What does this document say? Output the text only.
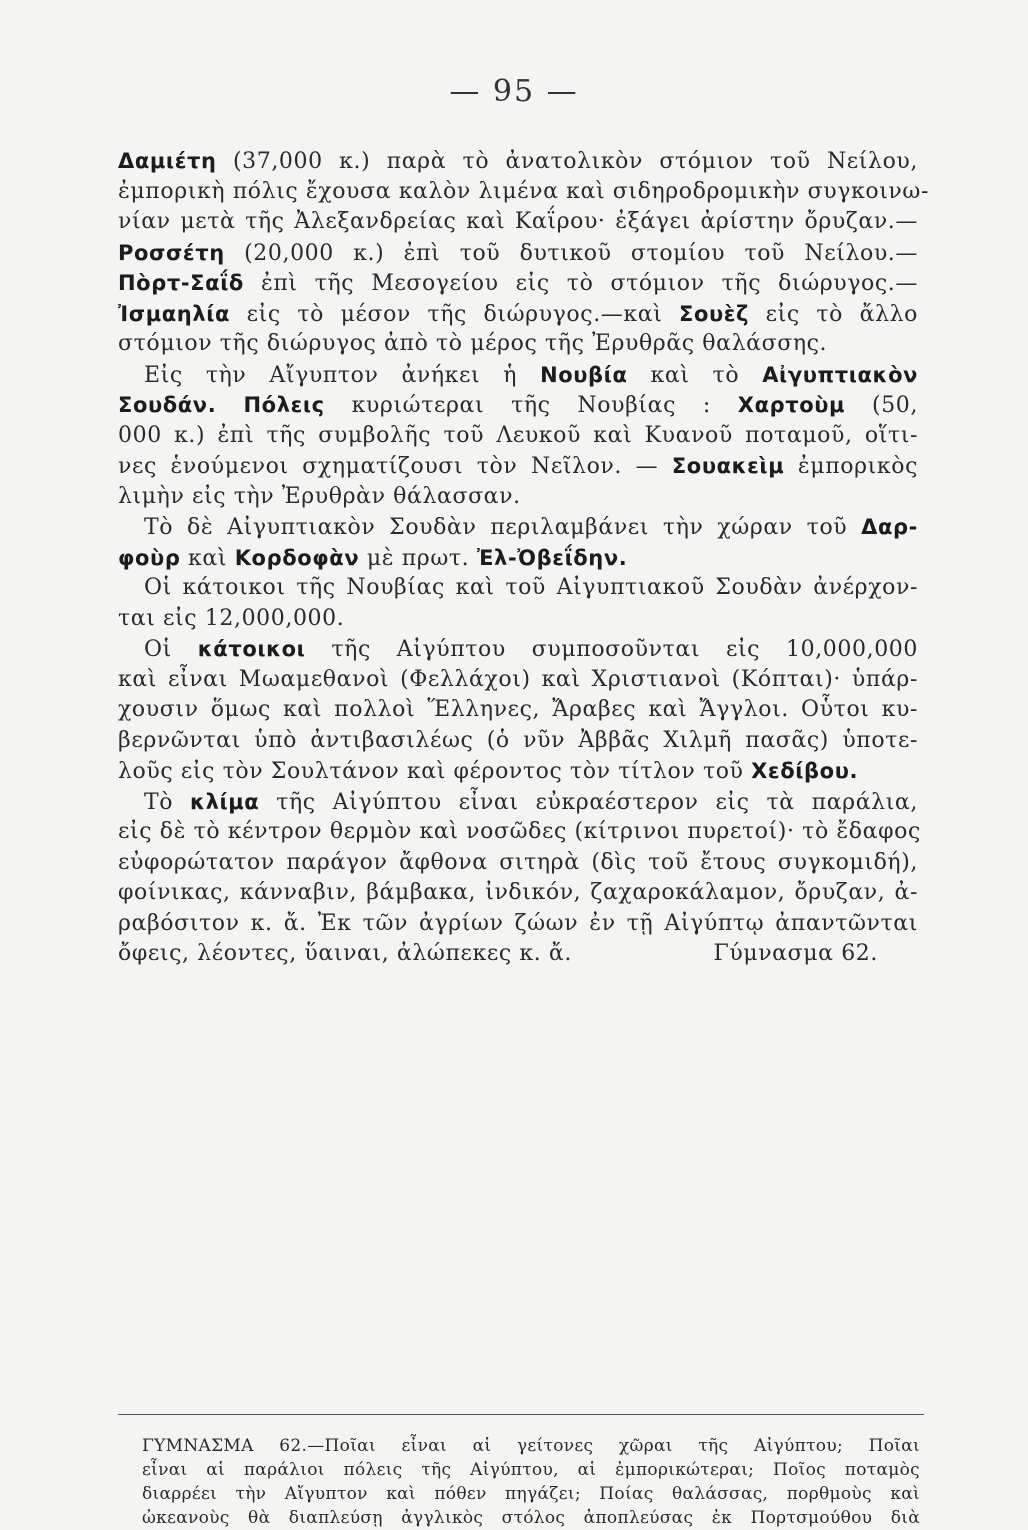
— 95 —
Δαμιέτη (37,000 κ.) παρὰ τὸ ἀνατολικὸν στόμιον τοῦ Νείλου,
ἐμπορικὴ πόλις ἔχουσα καλὸν λιμένα καὶ σιδηροδρομικὴν συγκοινω-
νίαν μετὰ τῆς Ἀλεξανδρείας καὶ Καΐρου· ἐξάγει ἀρίστην ὄρυζαν.—
Ροσσέτη (20,000 κ.) ἐπὶ τοῦ δυτικοῦ στομίου τοῦ Νείλου.—
Πὸρτ-Σαΐδ ἐπὶ τῆς Μεσογείου εἰς τὸ στόμιον τῆς διώρυγος.—
Ἰσμαηλία εἰς τὸ μέσον τῆς διώρυγος.—καὶ Σουὲζ εἰς τὸ ἄλλο
στόμιον τῆς διώρυγος ἀπὸ τὸ μέρος τῆς Ἐρυθρᾶς θαλάσσης.
Εἰς τὴν Αἴγυπτον ἀνήκει ἡ Νουβία καὶ τὸ Αἰγυπτιακὸν
Σουδάν. Πόλεις κυριώτεραι τῆς Νουβίας : Χαρτοὺμ (50,
000 κ.) ἐπὶ τῆς συμβολῆς τοῦ Λευκοῦ καὶ Κυανοῦ ποταμοῦ, οἵτι-
νες ἑνούμενοι σχηματίζουσι τὸν Νεῖλον. — Σουακεὶμ ἐμπορικὸς
λιμὴν εἰς τὴν Ἐρυθρὰν θάλασσαν.
Τὸ δὲ Αἰγυπτιακὸν Σουδὰν περιλαμβάνει τὴν χώραν τοῦ Δαρ-
φοὺρ καὶ Κορδοφὰν μὲ πρωτ. Ἐλ-Ὀβεΐδην.
Οἱ κάτοικοι τῆς Νουβίας καὶ τοῦ Αἰγυπτιακοῦ Σουδὰν ἀνέρχον-
ται εἰς 12,000,000.
Οἱ κάτοικοι τῆς Αἰγύπτου συμποσοῦνται εἰς 10,000,000
καὶ εἶναι Μωαμεθανοὶ (Φελλάχοι) καὶ Χριστιανοὶ (Κόπται)· ὑπάρ-
χουσιν ὅμως καὶ πολλοὶ Ἕλληνες, Ἄραβες καὶ Ἄγγλοι. Οὗτοι κυ-
βερνῶνται ὑπὸ ἀντιβασιλέως (ὁ νῦν Ἀββᾶς Χιλμῆ πασᾶς) ὑποτε-
λοῦς εἰς τὸν Σουλτάνον καὶ φέροντος τὸν τίτλον τοῦ Χεδίβου.
Τὸ κλίμα τῆς Αἰγύπτου εἶναι εὐκραέστερον εἰς τὰ παράλια,
εἰς δὲ τὸ κέντρον θερμὸν καὶ νοσῶδες (κίτρινοι πυρετοί)· τὸ ἔδαφος
εὐφορώτατον παράγον ἄφθονα σιτηρὰ (δὶς τοῦ ἔτους συγκομιδή),
φοίνικας, κάνναβιν, βάμβακα, ἰνδικόν, ζαχαροκάλαμον, ὄρυζαν, ἀ-
ραβόσιτον κ. ἄ. Ἐκ τῶν ἀγρίων ζώων ἐν τῇ Αἰγύπτῳ ἀπαντῶνται
ὄφεις, λέοντες, ὕαιναι, ἀλώπεκες κ. ἄ.	Γύμνασμα 62.
ΓΥΜΝΑΣΜΑ 62.—Ποῖαι εἶναι αἱ γείτονες χῶραι τῆς Αἰγύπτου; Ποῖαι
εἶναι αἱ παράλιοι πόλεις τῆς Αἰγύπτου, αἱ ἐμπορικώτεραι; Ποῖος ποταμὸς
διαρρέει τὴν Αἴγυπτον καὶ πόθεν πηγάζει; Ποίας θαλάσσας, πορθμοὺς καὶ
ὠκεανοὺς θὰ διαπλεύσῃ ἀγγλικὸς στόλος ἀποπλεύσας ἐκ Πορτσμούθου διὰ
